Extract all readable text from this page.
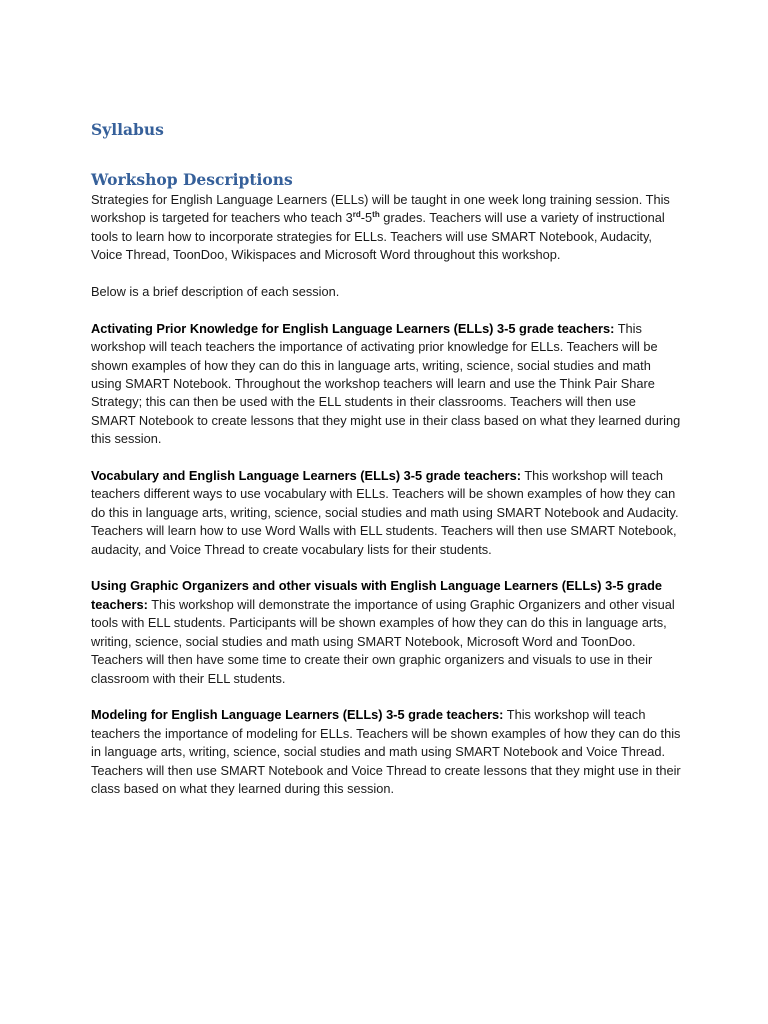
Syllabus
Workshop Descriptions

Strategies for English Language Learners (ELLs) will be taught in one week long training session. This workshop is targeted for teachers who teach 3rd-5th grades. Teachers will use a variety of instructional tools to learn how to incorporate strategies for ELLs. Teachers will use SMART Notebook, Audacity, Voice Thread, ToonDoo, Wikispaces and Microsoft Word throughout this workshop.

Below is a brief description of each session.

Activating Prior Knowledge for English Language Learners (ELLs) 3-5 grade teachers: This workshop will teach teachers the importance of activating prior knowledge for ELLs. Teachers will be shown examples of how they can do this in language arts, writing, science, social studies and math using SMART Notebook. Throughout the workshop teachers will learn and use the Think Pair Share Strategy; this can then be used with the ELL students in their classrooms. Teachers will then use SMART Notebook to create lessons that they might use in their class based on what they learned during this session.

Vocabulary and English Language Learners (ELLs) 3-5 grade teachers: This workshop will teach teachers different ways to use vocabulary with ELLs. Teachers will be shown examples of how they can do this in language arts, writing, science, social studies and math using SMART Notebook and Audacity. Teachers will learn how to use Word Walls with ELL students. Teachers will then use SMART Notebook, audacity, and Voice Thread to create vocabulary lists for their students.

Using Graphic Organizers and other visuals with English Language Learners (ELLs) 3-5 grade teachers: This workshop will demonstrate the importance of using Graphic Organizers and other visual tools with ELL students. Participants will be shown examples of how they can do this in language arts, writing, science, social studies and math using SMART Notebook, Microsoft Word and ToonDoo. Teachers will then have some time to create their own graphic organizers and visuals to use in their classroom with their ELL students.

Modeling for English Language Learners (ELLs) 3-5 grade teachers: This workshop will teach teachers the importance of modeling for ELLs. Teachers will be shown examples of how they can do this in language arts, writing, science, social studies and math using SMART Notebook and Voice Thread. Teachers will then use SMART Notebook and Voice Thread to create lessons that they might use in their class based on what they learned during this session.
